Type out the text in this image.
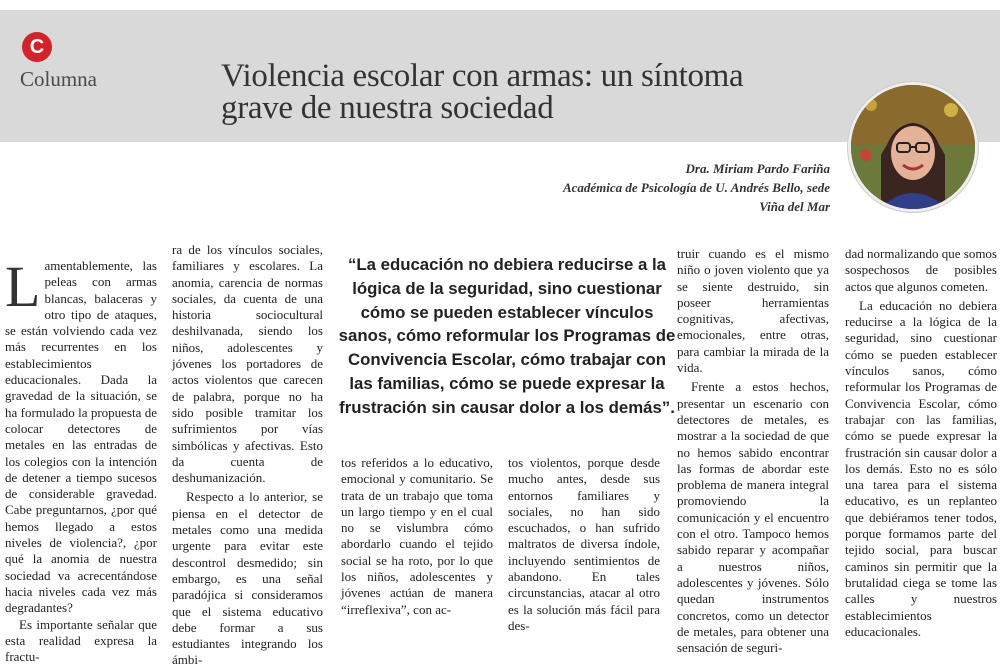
C
Columna	Violencia escolar con armas: un síntoma grave de nuestra sociedad
Dra. Miriam Pardo Fariña
Académica de Psicología de U. Andrés Bello, sede Viña del Mar

Lamentablemente, las peleas con armas blancas, balaceras y otro tipo de ataques, se están volviendo cada vez más recurrentes en los establecimientos educacionales. Dada la gravedad de la situación, se ha formulado la propuesta de colocar detectores de metales en las entradas de los colegios con la intención de detener a tiempo sucesos de considerable gravedad. Cabe preguntarnos, ¿por qué hemos llegado a estos niveles de violencia?, ¿por qué la anomia de nuestra sociedad va acrecentándose hacia niveles cada vez más degradantes?

Es importante señalar que esta realidad expresa la fractu-

ra de los vínculos sociales, familiares y escolares. La anomia, carencia de normas sociales, da cuenta de una historia sociocultural deshilvanada, siendo los niños, adolescentes y jóvenes los portadores de actos violentos que carecen de palabra, porque no ha sido posible tramitar los sufrimientos por vías simbólicas y afectivas. Esto da cuenta de deshumanización.

Respecto a lo anterior, se piensa en el detector de metales como una medida urgente para evitar este descontrol desmedido; sin embargo, es una señal paradójica si consideramos que el sistema educativo debe formar a sus estudiantes integrando los ámbi-

“La educación no debiera reducirse a la lógica de la seguridad, sino cuestionar cómo se pueden establecer vínculos sanos, cómo reformular los Programas de Convivencia Escolar, cómo trabajar con las familias, cómo se puede expresar la frustración sin causar dolor a los demás”.

tos referidos a lo educativo, emocional y comunitario. Se trata de un trabajo que toma un largo tiempo y en el cual no se vislumbra cómo abordarlo cuando el tejido social se ha roto, por lo que los niños, adolescentes y jóvenes actúan de manera “irreflexiva”, con ac-

tos violentos, porque desde mucho antes, desde sus entornos familiares y sociales, no han sido escuchados, o han sufrido maltratos de diversa índole, incluyendo sentimientos de abandono. En tales circunstancias, atacar al otro es la solución más fácil para des-

truir cuando es el mismo niño o joven violento que ya se siente destruido, sin poseer herramientas cognitivas, afectivas, emocionales, entre otras, para cambiar la mirada de la vida.

Frente a estos hechos, presentar un escenario con detectores de metales, es mostrar a la sociedad de que no hemos sabido encontrar las formas de abordar este problema de manera integral promoviendo la comunicación y el encuentro con el otro. Tampoco hemos sabido reparar y acompañar a nuestros niños, adolescentes y jóvenes. Sólo quedan instrumentos concretos, como un detector de metales, para obtener una sensación de seguri-

dad normalizando que somos sospechosos de posibles actos que algunos cometen.

La educación no debiera reducirse a la lógica de la seguridad, sino cuestionar cómo se pueden establecer vínculos sanos, cómo reformular los Programas de Convivencia Escolar, cómo trabajar con las familias, cómo se puede expresar la frustración sin causar dolor a los demás. Esto no es sólo una tarea para el sistema educativo, es un replanteo que debiéramos tener todos, porque formamos parte del tejido social, para buscar caminos sin permitir que la brutalidad ciega se tome las calles y nuestros establecimientos educacionales.
